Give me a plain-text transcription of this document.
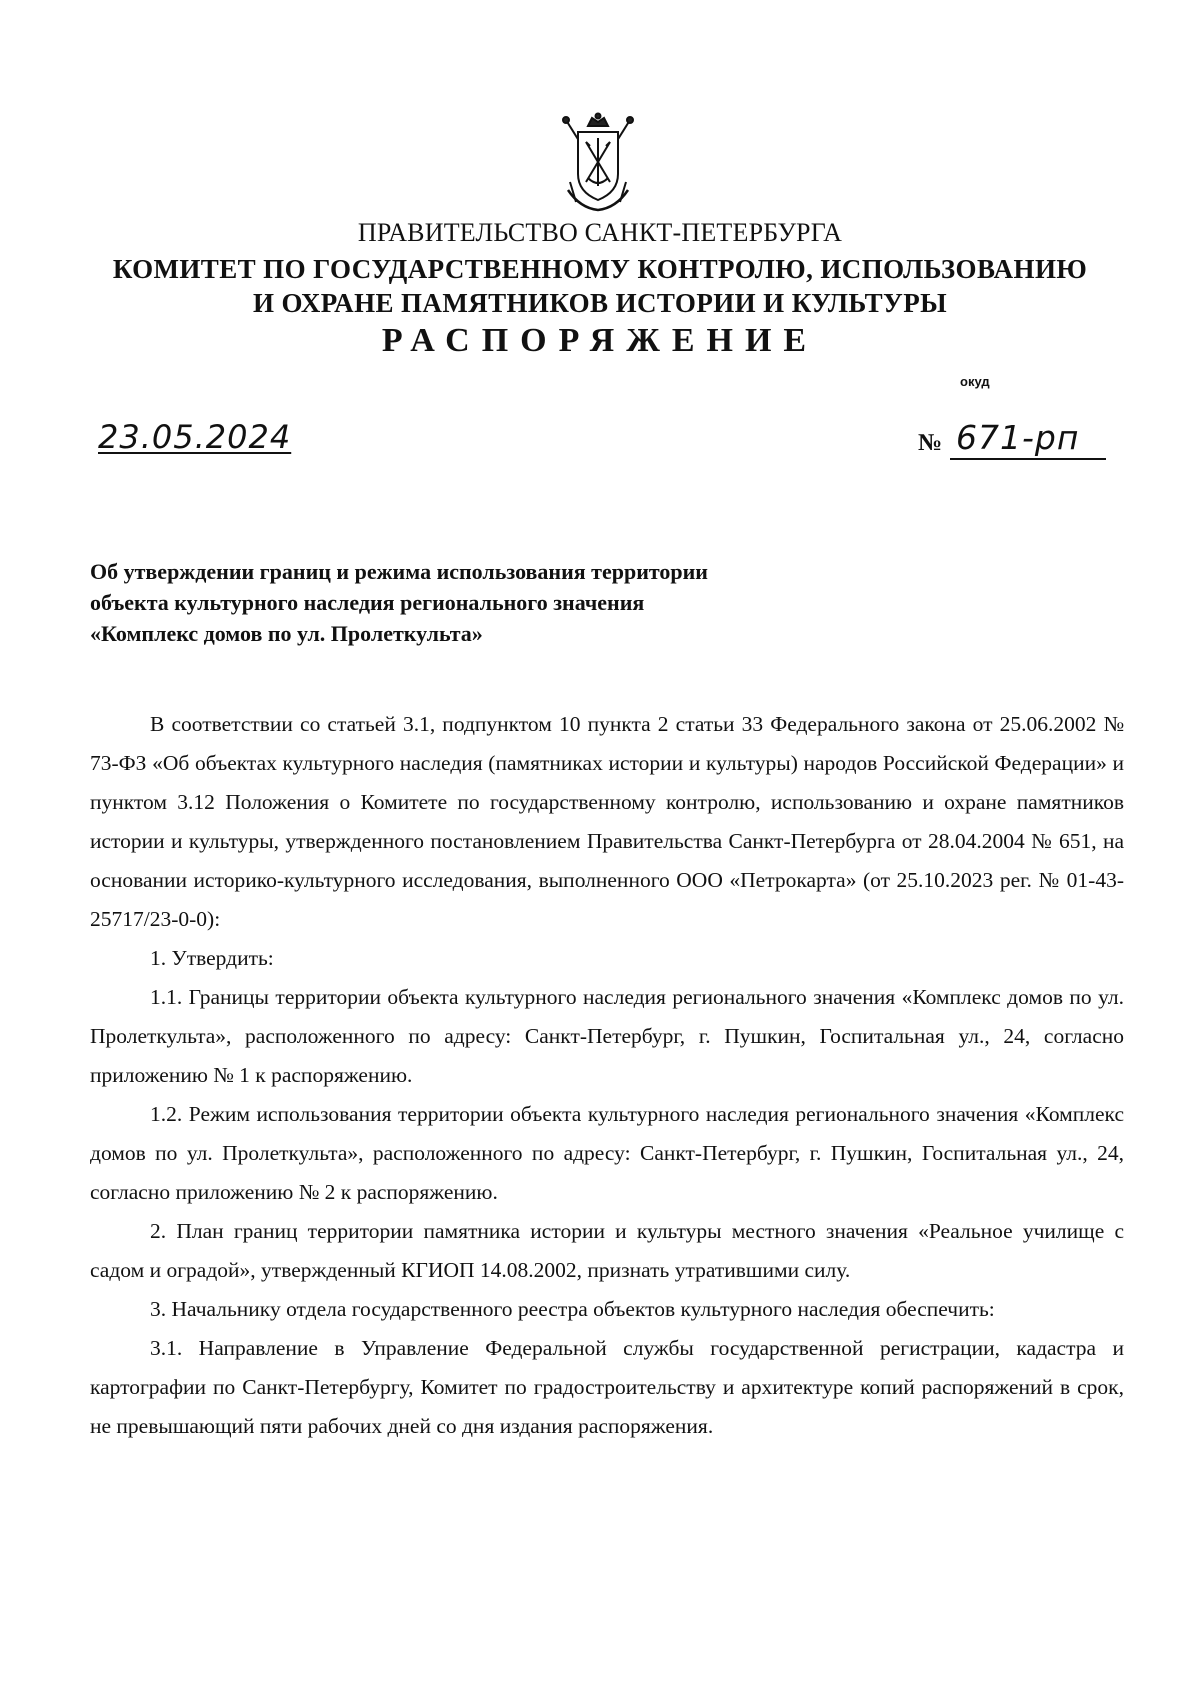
ПРАВИТЕЛЬСТВО САНКТ-ПЕТЕРБУРГА
КОМИТЕТ ПО ГОСУДАРСТВЕННОМУ КОНТРОЛЮ, ИСПОЛЬЗОВАНИЮ
И ОХРАНЕ ПАМЯТНИКОВ ИСТОРИИ И КУЛЬТУРЫ
РАСПОРЯЖЕНИЕ
окуд
23.05.2024	№ 671-рп
Об утверждении границ и режима использования территории
объекта культурного наследия регионального значения
«Комплекс домов по ул. Пролеткульта»

В соответствии со статьей 3.1, подпунктом 10 пункта 2 статьи 33 Федерального закона от 25.06.2002 № 73-ФЗ «Об объектах культурного наследия (памятниках истории и культуры) народов Российской Федерации» и пунктом 3.12 Положения о Комитете по государственному контролю, использованию и охране памятников истории и культуры, утвержденного постановлением Правительства Санкт-Петербурга от 28.04.2004 № 651, на основании историко-культурного исследования, выполненного ООО «Петрокарта» (от 25.10.2023 рег. № 01-43-25717/23-0-0):

1. Утвердить:

1.1. Границы территории объекта культурного наследия регионального значения «Комплекс домов по ул. Пролеткульта», расположенного по адресу: Санкт-Петербург, г. Пушкин, Госпитальная ул., 24, согласно приложению № 1 к распоряжению.

1.2. Режим использования территории объекта культурного наследия регионального значения «Комплекс домов по ул. Пролеткульта», расположенного по адресу: Санкт-Петербург, г. Пушкин, Госпитальная ул., 24, согласно приложению № 2 к распоряжению.

2. План границ территории памятника истории и культуры местного значения «Реальное училище с садом и оградой», утвержденный КГИОП 14.08.2002, признать утратившими силу.

3. Начальнику отдела государственного реестра объектов культурного наследия обеспечить:

3.1. Направление в Управление Федеральной службы государственной регистрации, кадастра и картографии по Санкт-Петербургу, Комитет по градостроительству и архитектуре копий распоряжений в срок, не превышающий пяти рабочих дней со дня издания распоряжения.
